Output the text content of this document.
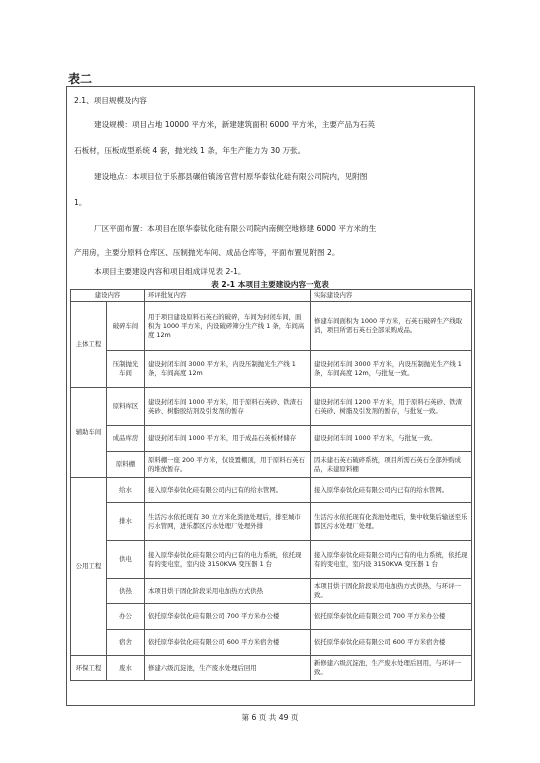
表二
2.1、项目规模及内容
建设规模：项目占地 10000 平方米，新建建筑面积 6000 平方米，主要产品为石英
石板材，压板成型系统 4 套，抛光线 1 条，年生产能力为 30 万张。
建设地点：本项目位于乐都县碾伯镇汤官营村原华泰钛化硅有限公司院内，见附图
1。
厂区平面布置：本项目在原华泰钛化硅有限公司院内南侧空地修建 6000 平方米的生
产用房，主要分原料仓库区、压制抛光车间、成品仓库等，平面布置见附图 2。
本项目主要建设内容和项目组成详见表 2-1。
表 2-1 本项目主要建设内容一览表
建设内容		环评批复内容	实际建设内容
主体工程	破碎车间	用于项目建设原料石英石的破碎，车间为封闭车间，面积为 1000 平方米，内设破碎筛分生产线 1 条，车间高度 12m	修建车间面积为 1000 平方米，石英石破碎生产线取消，项目所需石英石全部采购成品。
	压制抛光车间	建设封闭车间 3000 平方米，内设压制抛光生产线 1 条，车间高度 12m	建设封闭车间 3000 平方米，内设压制抛光生产线 1 条，车间高度 12m，与批复一致。
辅助车间	原料库区	建设封闭车间 1000 平方米，用于原料石英砂、铁渣石英砂、树脂胶结剂及引发剂的暂存	建设封闭车间 1200 平方米，用于原料石英砂、铁渣石英砂、树脂及引发剂的暂存，与批复一致。
	成品库房	建设封闭车间 1000 平方米，用于成品石英板材储存	建设封闭车间 1000 平方米，与批复一致。
	原料棚	原料棚一座 200 平方米，仅设置棚顶，用于原料石英石的堆放暂存。	因未建石英石破碎系统，项目所需石英石全部外购成品，未建原料棚
公用工程	给水	接入原华泰钛化硅有限公司内已有的给水管网。	接入原华泰钛化硅有限公司内已有的给水管网。
	排水	生活污水依托现有 30 立方米化粪池处理后，排至城市污水管网，进乐都区污水处理厂处理外排	生活污水依托现有化粪池处理后，集中收集后输送至乐都区污水处理厂处理。
	供电	接入原华泰钛化硅有限公司内已有的电力系统，依托现有的变电室，室内设 3150KVA 变压器 1 台	接入原华泰钛化硅有限公司内已有的电力系统，依托现有的变电室，室内设 3150KVA 变压器 1 台
	供热	本项目烘干固化阶段采用电加热方式供热	本项目烘干固化阶段采用电加热方式供热，与环评一致。
	办公	依托原华泰钛化硅有限公司 700 平方米办公楼	依托原华泰钛化硅有限公司 700 平方米办公楼
	宿舍	依托原华泰钛化硅有限公司 600 平方米宿舍楼	依托原华泰钛化硅有限公司 600 平方米宿舍楼
环保工程	废水	修建六级沉淀池，生产废水处理后回用	新修建六级沉淀池，生产废水处理后回用，与环评一致。
第 6 页 共 49 页
